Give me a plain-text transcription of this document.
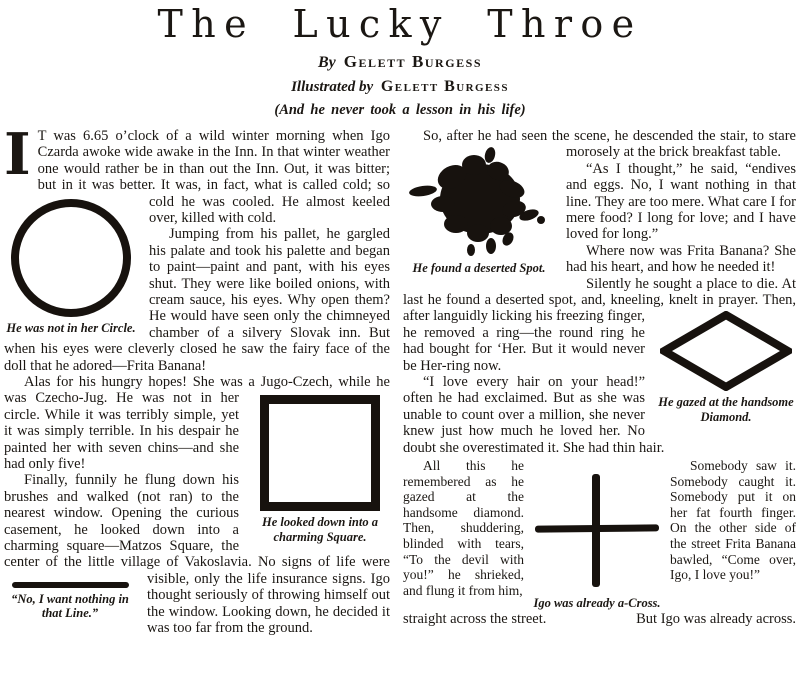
The Lucky Throe
By Gelett Burgess
Illustrated by Gelett Burgess
(And he never took a lesson in his life)

I T was 6.65 o’clock of a wild winter morning when Igo Czarda awoke wide awake in the Inn. In that winter weather one would rather be in than out the Inn. Out, it was bitter; but in it was better. It was, in fact, what is called cold; so cold he was cooled.
He was not in her Circle.
He almost keeled over, killed with cold.

Jumping from his pallet, he gargled his palate and took his palette and began to paint—paint and pant, with his eyes shut. They were like boiled onions, with cream sauce, his eyes. Why open them? He would have seen only the chimneyed chamber of a silvery Slovak inn. But when his eyes were cleverly closed he saw the fairy face of the doll that he adored—Frita Banana!

Alas for his hungry hopes! She was a Jugo-Czech,
He looked down into a charming Square.
while he was Czecho-Jug. He was not in her circle. While it was terribly simple, yet it was simply terrible. In his despair he painted her with seven chins—and she had only five!

Finally, funnily he flung down his brushes and walked (not ran) to the nearest window. Opening the curious casement, he looked down into a charming square—Matzos Square, the center of the little village of Vakoslavia. No signs of life were visible, only the life insurance signs.
“No, I want nothing in that Line.”
Igo thought seriously of throwing himself out the window. Looking down, he decided it was too far from the ground.

So, after he had seen the scene, he descended the
He found a deserted Spot.
stair, to stare morosely at the brick breakfast table.

“As I thought,” he said, “endives and eggs. No, I want nothing in that line. They are too mere. What care I for mere food? I long for love; and I have loved for long.”

Where now was Frita Banana? She had his heart, and how he needed it!

Silently he sought a place to die. At last he found a deserted spot, and, kneeling,
He gazed at the handsome Diamond.
knelt in prayer. Then, after languidly licking his freezing finger, he removed a ring—the round ring he had bought for ‘Her. But it would never be Her-ring now.

“I love every hair on your head!” often he had exclaimed. But as she was unable to count over a million, she never knew just how much he loved her. No doubt she overestimated it. She had thin hair.

All this he remembered as he gazed at the handsome diamond. Then, shuddering, blinded with tears, “To the devil with you!” he shrieked, and flung it from him,

Igo was already a-Cross.

Somebody saw it. Somebody caught it. Somebody put it on her fat fourth finger. On the other side of the street Frita Banana bawled, “Come over, Igo, I love you!”

straight across the street.	But Igo was already across.
